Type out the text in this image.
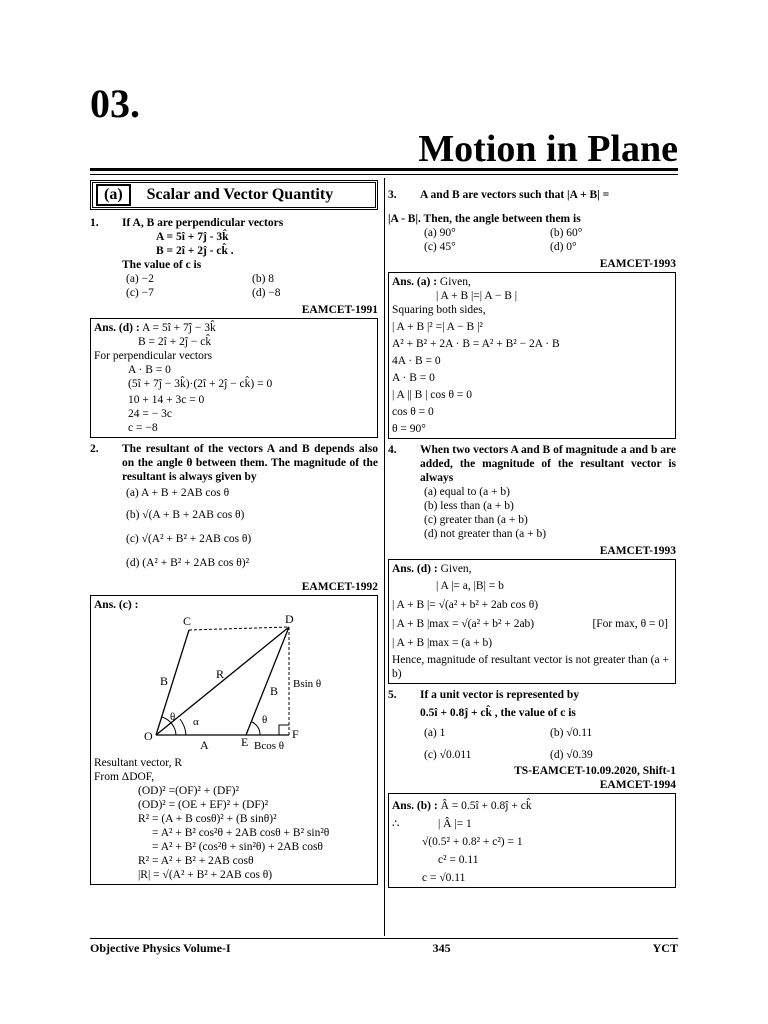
03.
Motion in Plane
(a)	Scalar and Vector Quantity
1.	If A, B are perpendicular vectors
A = 5î + 7ĵ - 3k̂
B = 2î + 2ĵ - ck̂ .
The value of c is
(a) −2	(b) 8
(c) −7	(d) −8
EAMCET-1991
Ans. (d) : A = 5î + 7ĵ − 3k̂
B = 2î + 2ĵ − ck̂
For perpendicular vectors
A · B = 0
(5î + 7ĵ − 3k̂)·(2î + 2ĵ − ck̂) = 0
10 + 14 + 3c = 0
24 = − 3c
c = −8
2.	The resultant of the vectors A and B depends also on the angle θ between them. The magnitude of the resultant is always given by
(a) A + B + 2AB cos θ
(b) √(A + B + 2AB cos θ)
(c) √(A² + B² + 2AB cos θ)
(d) (A² + B² + 2AB cos θ)²
EAMCET-1992
Ans. (c) :
C	D
O	E
F
B	R
B
A
θ α	θ
Bsin θ
Bcos θ
Resultant vector, R
From ΔDOF,
(OD)² =(OF)² + (DF)²
(OD)² = (OE + EF)² + (DF)²
R² = (A + B cosθ)² + (B sinθ)²
= A² + B² cos²θ + 2AB cosθ + B² sin²θ
= A² + B² (cos²θ + sin²θ) + 2AB cosθ
R² = A² + B² + 2AB cosθ
|R| = √(A² + B² + 2AB cos θ)
3.	A and B are vectors such that |A + B| =
|A - B|. Then, the angle between them is
(a) 90°	(b) 60°
(c) 45°	(d) 0°
EAMCET-1993
Ans. (a) : Given,
| A + B |=| A − B |
Squaring both sides,
| A + B |² =| A − B |²
A² + B² + 2A · B = A² + B² − 2A · B
4A · B = 0
A · B = 0
| A || B | cos θ = 0
cos θ = 0
θ = 90°
4.	When two vectors A and B of magnitude a and b are added, the magnitude of the resultant vector is always
(a) equal to (a + b)
(b) less than (a + b)
(c) greater than (a + b)
(d) not greater than (a + b)
EAMCET-1993
Ans. (d) : Given,
| A |= a, |B| = b
| A + B |= √(a² + b² + 2ab cos θ)
| A + B |max = √(a² + b² + 2ab)	[For max, θ = 0]
| A + B |max = (a + b)
Hence, magnitude of resultant vector is not greater than (a + b)
5.	If a unit vector is represented by
0.5î + 0.8ĵ + ck̂ , the value of c is
(a) 1	(b) √0.11
(c) √0.011	(d) √0.39
TS-EAMCET-10.09.2020, Shift-1
EAMCET-1994
Ans. (b) : Â = 0.5î + 0.8ĵ + ck̂
∴	| Â |= 1
√(0.5² + 0.8² + c²) = 1
c² = 0.11
c = √0.11
Objective Physics Volume-I	345	YCT
